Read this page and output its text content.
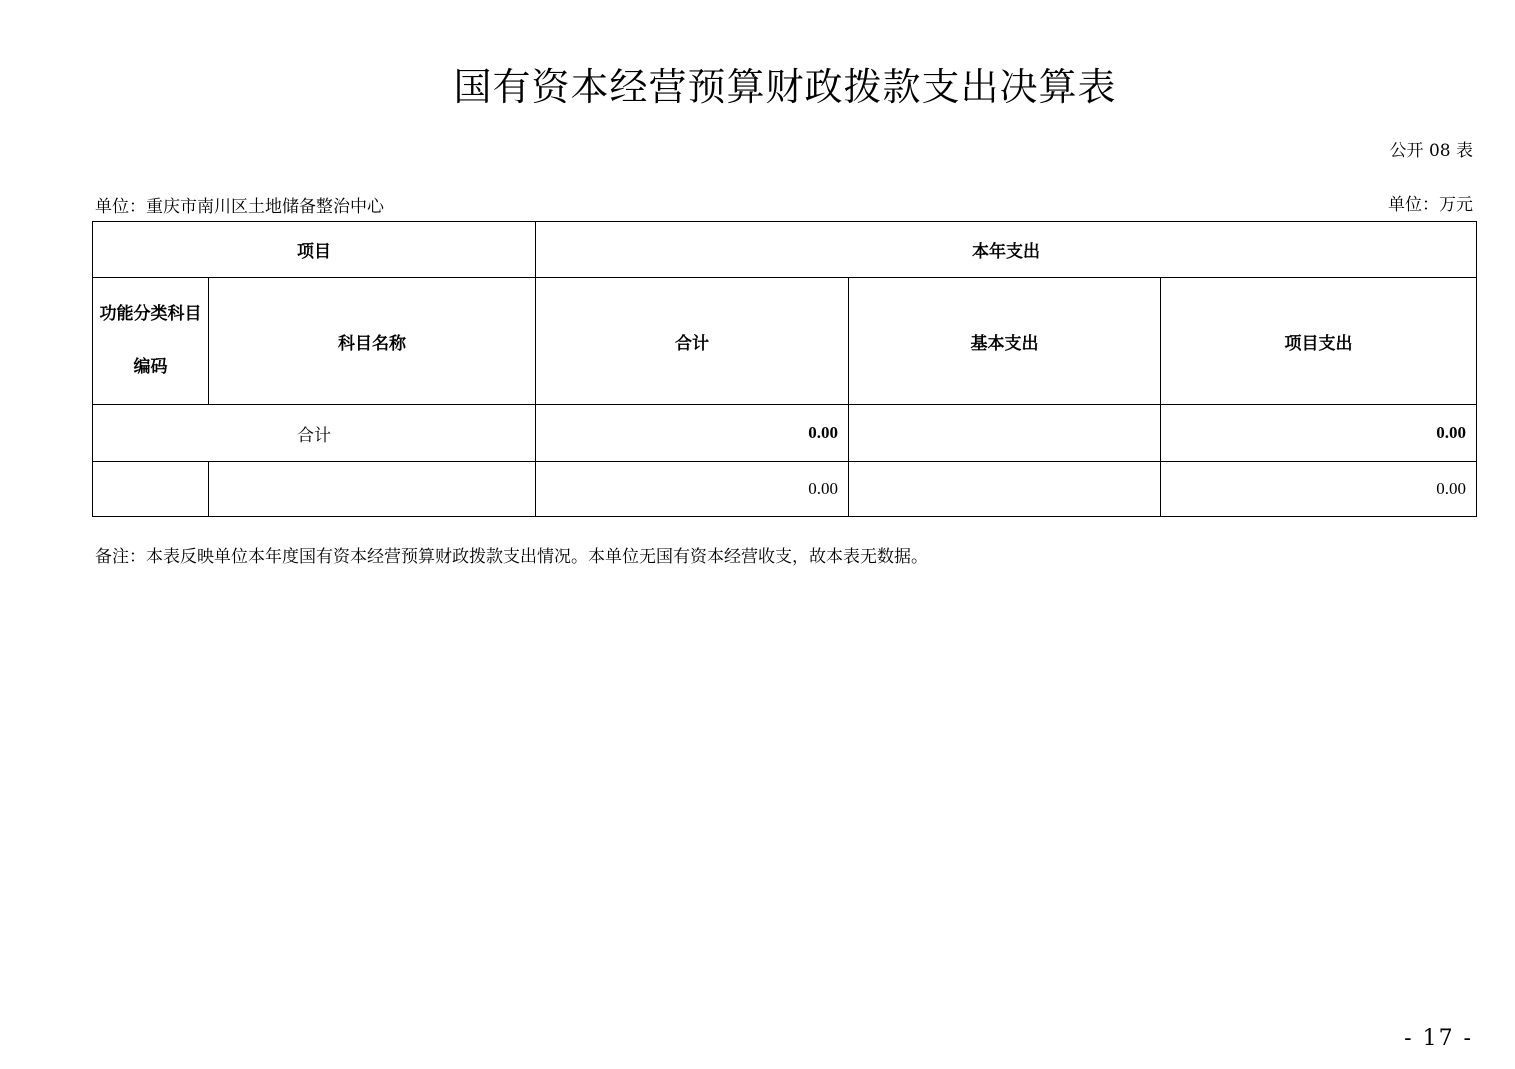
国有资本经营预算财政拨款支出决算表
公开 08 表
单位：重庆市南川区土地储备整治中心	单位：万元
项目		本年支出		
功能分类科目编码	科目名称	合计	基本支出	项目支出
合计		0.00		0.00
		0.00		0.00
备注：本表反映单位本年度国有资本经营预算财政拨款支出情况。本单位无国有资本经营收支，故本表无数据。
- 17 -
